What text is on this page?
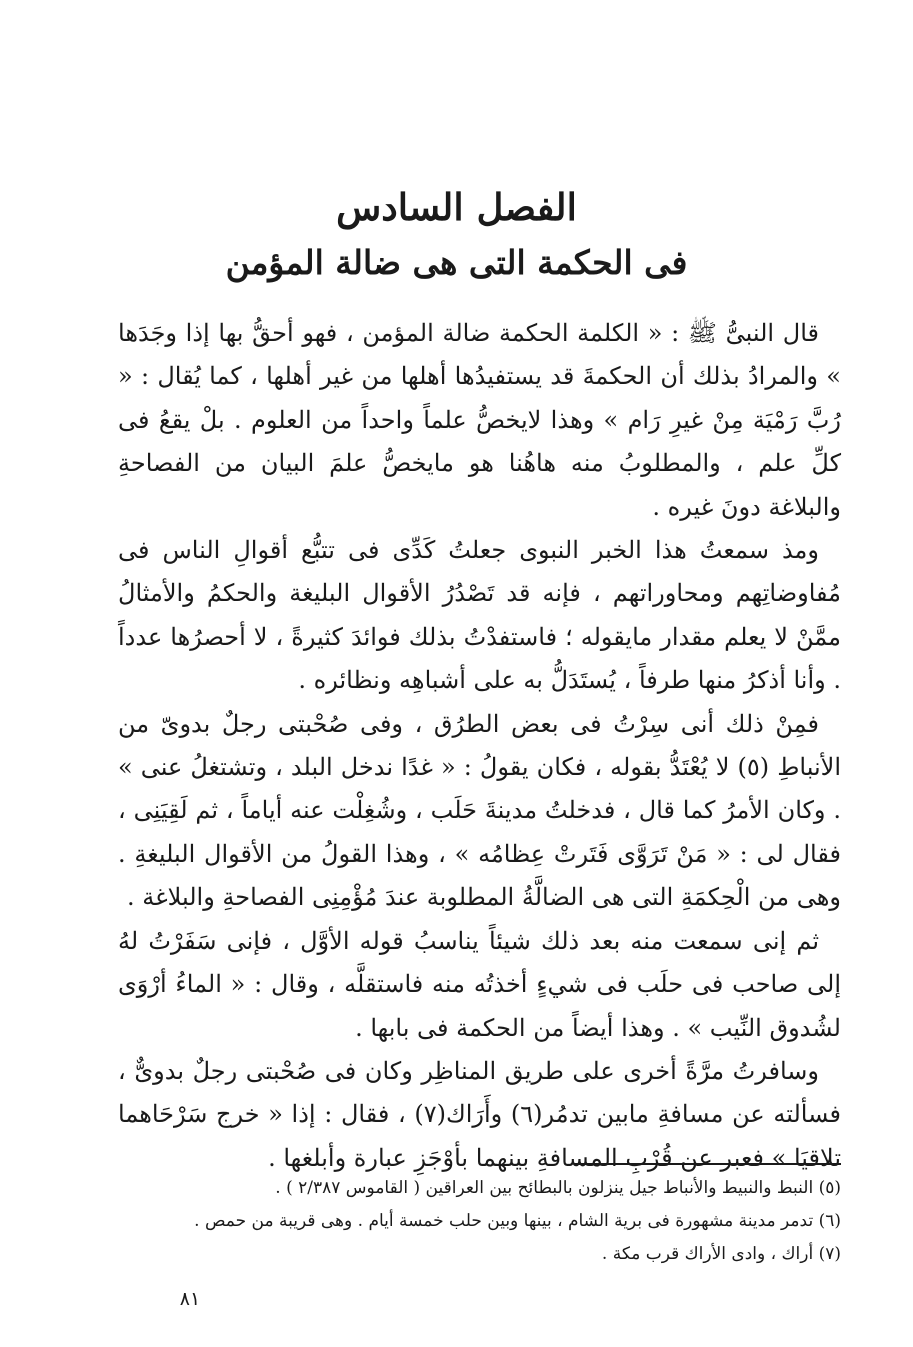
الفصل السادس
فى الحكمة التى هى ضالة المؤمن

قال النبىُّ ﷺ : « الكلمة الحكمة ضالة المؤمن ، فهو أحقُّ بها إذا وجَدَها » والمرادُ بذلك أن الحكمةَ قد يستفيدُها أهلها من غير أهلها ، كما يُقال : « رُبَّ رَمْيَة مِنْ غيرِ رَام » وهذا لايخصُّ علماً واحداً من العلوم . بلْ يقعُ فى كلِّ علم ، والمطلوبُ منه هاهُنا هو مايخصُّ علمَ البيان من الفصاحةِ والبلاغة دونَ غيره .

ومذ سمعتُ هذا الخبر النبوى جعلتُ كَدِّى فى تتبُّع أقوالِ الناس فى مُفاوضاتِهم ومحاوراتهم ، فإنه قد تَصْدُرُ الأقوال البليغة والحكمُ والأمثالُ ممَّنْ لا يعلم مقدار مايقوله ؛ فاستفدْتُ بذلك فوائدَ كثيرةً ، لا أحصرُها عدداً . وأنا أذكرُ منها طرفاً ، يُستَدَلُّ به على أشباهِه ونظائره .

فمِنْ ذلك أنى سِرْتُ فى بعض الطرُق ، وفى صُحْبتى رجلٌ بدوىّ من الأنباطِ (٥) لا يُعْتَدُّ بقوله ، فكان يقولُ : « غدًا ندخل البلد ، وتشتغلُ عنى » . وكان الأمرُ كما قال ، فدخلتُ مدينةَ حَلَب ، وشُغِلْت عنه أياماً ، ثم لَقِيَنِى ، فقال لى : « مَنْ تَرَوَّى فَتَرتْ عِظامُه » ، وهذا القولُ من الأقوال البليغةِ . وهى من الْحِكمَةِ التى هى الضالَّةُ المطلوبة عندَ مُؤْمِنِى الفصاحةِ والبلاغة .

ثم إنى سمعت منه بعد ذلك شيئاً يناسبُ قوله الأوَّل ، فإنى سَفَرْتُ لهُ إلى صاحب فى حلَب فى شيءٍ أخذتُه منه فاستقلَّه ، وقال : « الماءُ أرْوَى لشُدوق النِّيب » . وهذا أيضاً من الحكمة فى بابها .

وسافرتُ مرَّةً أخرى على طريق المناظِر وكان فى صُحْبتى رجلٌ بدوىٌّ ، فسألته عن مسافةِ مابين تدمُر(٦) وأَرَاك(٧) ، فقال : إذا « خرج سَرْحَاهما تلاقيَا » فعبر عن قُرْبِ المسافةِ بينهما بأوْجَزِ عبارة وأبلغها .

(٥) النبط والنبيط والأنباط جيل ينزلون بالبطائح بين العراقين ( القاموس ٢/٣٨٧ ) .

(٦) تدمر مدينة مشهورة فى برية الشام ، بينها وبين حلب خمسة أيام . وهى قريبة من حمص .

(٧) أراك ، وادى الأراك قرب مكة .

٨١
